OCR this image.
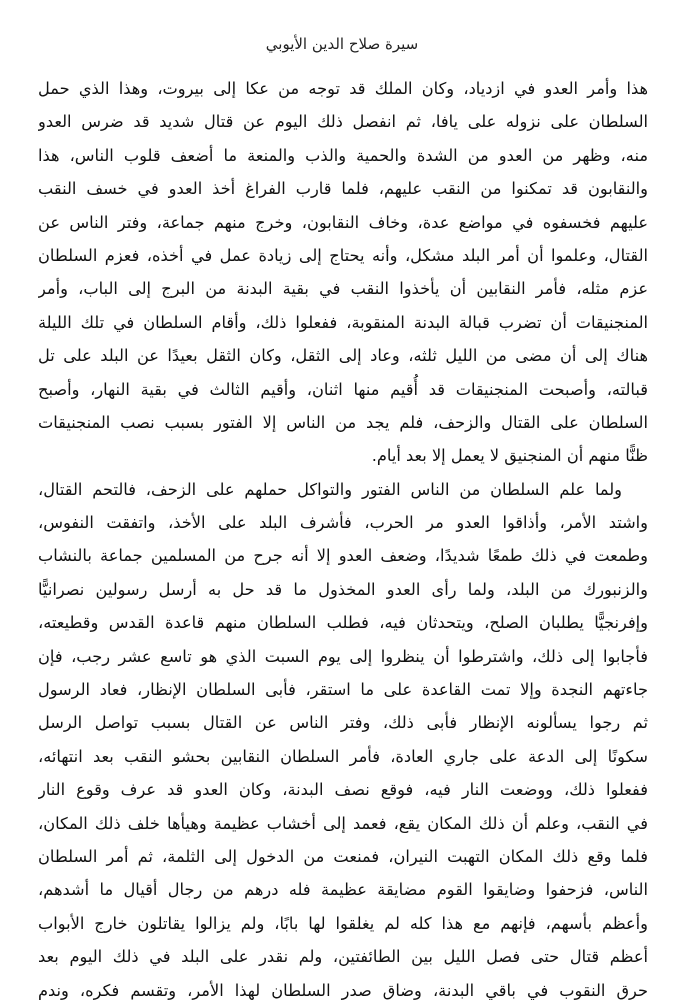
سيرة صلاح الدين الأيوبي
هذا وأمر العدو في ازدياد، وكان الملك قد توجه من عكا إلى بيروت، وهذا الذي حمل
السلطان على نزوله على يافا، ثم انفصل ذلك اليوم عن قتال شديد قد ضرس العدو
منه، وظهر من العدو من الشدة والحمية والذب والمنعة ما أضعف قلوب الناس، هذا
والنقابون قد تمكنوا من النقب عليهم، فلما قارب الفراغ أخذ العدو في خسف النقب
عليهم فخسفوه في مواضع عدة، وخاف النقابون، وخرج منهم جماعة، وفتر الناس عن
القتال، وعلموا أن أمر البلد مشكل، وأنه يحتاج إلى زيادة عمل في أخذه، فعزم السلطان
عزم مثله، فأمر النقابين أن يأخذوا النقب في بقية البدنة من البرج إلى الباب، وأمر
المنجنيقات أن تضرب قبالة البدنة المنقوبة، ففعلوا ذلك، وأقام السلطان في تلك الليلة
هناك إلى أن مضى من الليل ثلثه، وعاد إلى الثقل، وكان الثقل بعيدًا عن البلد على تل
قبالته، وأصبحت المنجنيقات قد أُقيم منها اثنان، وأقيم الثالث في بقية النهار، وأصبح
السلطان على القتال والزحف، فلم يجد من الناس إلا الفتور بسبب نصب المنجنيقات
ظنًّا منهم أن المنجنيق لا يعمل إلا بعد أيام.
ولما علم السلطان من الناس الفتور والتواكل حملهم على الزحف، فالتحم القتال،
واشتد الأمر، وأذاقوا العدو مر الحرب، فأشرف البلد على الأخذ، واتفقت النفوس،
وطمعت في ذلك طمعًا شديدًا، وضعف العدو إلا أنه جرح من المسلمين جماعة بالنشاب
والزنبورك من البلد، ولما رأى العدو المخذول ما قد حل به أرسل رسولين نصرانيًّا
وإفرنجيًّا يطلبان الصلح، ويتحدثان فيه، فطلب السلطان منهم قاعدة القدس وقطيعته،
فأجابوا إلى ذلك، واشترطوا أن ينظروا إلى يوم السبت الذي هو تاسع عشر رجب، فإن
جاءتهم النجدة وإلا تمت القاعدة على ما استقر، فأبى السلطان الإنظار، فعاد الرسول
ثم رجوا يسألونه الإنظار فأبى ذلك، وفتر الناس عن القتال بسبب تواصل الرسل
سكونًا إلى الدعة على جاري العادة، فأمر السلطان النقابين بحشو النقب بعد انتهائه،
ففعلوا ذلك، ووضعت النار فيه، فوقع نصف البدنة، وكان العدو قد عرف وقوع النار
في النقب، وعلم أن ذلك المكان يقع، فعمد إلى أخشاب عظيمة وهيأها خلف ذلك المكان،
فلما وقع ذلك المكان التهبت النيران، فمنعت من الدخول إلى الثلمة، ثم أمر السلطان
الناس، فزحفوا وضايقوا القوم مضايقة عظيمة فله درهم من رجال أقيال ما أشدهم،
وأعظم بأسهم، فإنهم مع هذا كله لم يغلقوا لها بابًا، ولم يزالوا يقاتلون خارج الأبواب
أعظم قتال حتى فصل الليل بين الطائفتين، ولم نقدر على البلد في ذلك اليوم بعد
حرق النقوب في باقي البدنة، وضاق صدر السلطان لهذا الأمر، وتقسم فكره، وندم
